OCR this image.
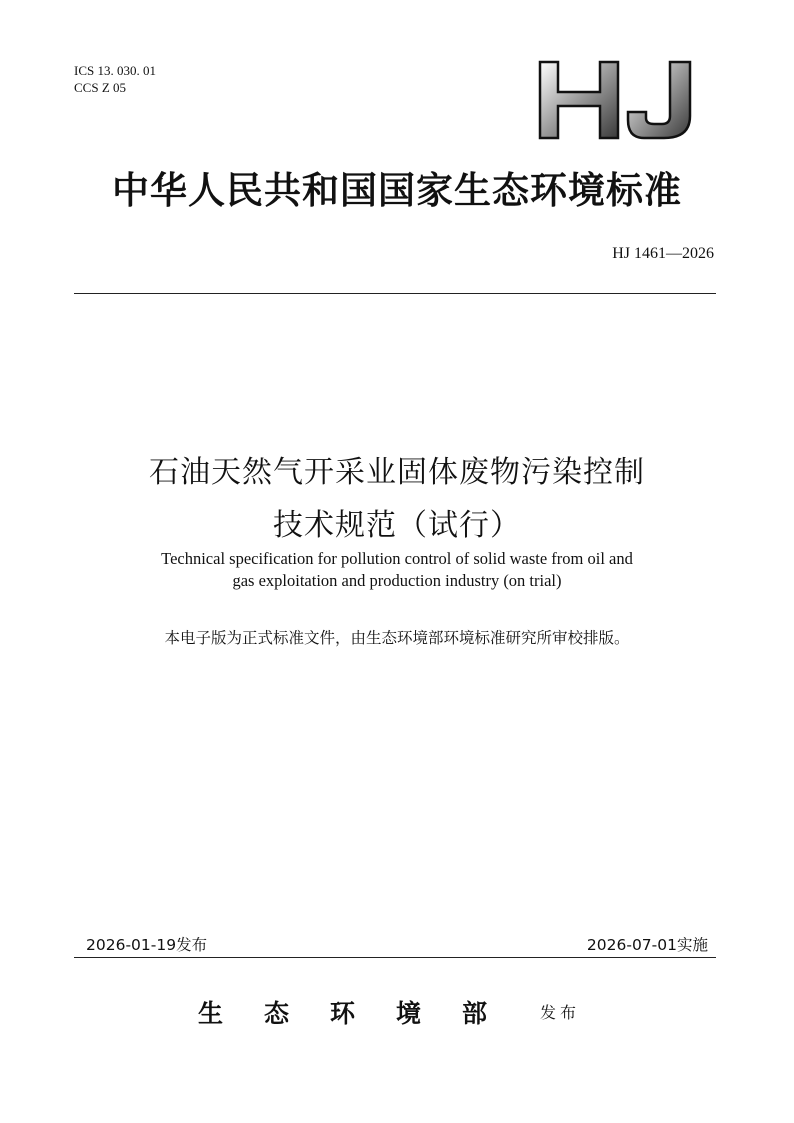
ICS 13. 030. 01
CCS Z 05
中华人民共和国国家生态环境标准
HJ 1461—2026
石油天然气开采业固体废物污染控制
技术规范（试行）
Technical specification for pollution control of solid waste from oil and
gas exploitation and production industry (on trial)
本电子版为正式标准文件，由生态环境部环境标准研究所审校排版。
2026-01-19发布	2026-07-01实施
生态环境部 发布
